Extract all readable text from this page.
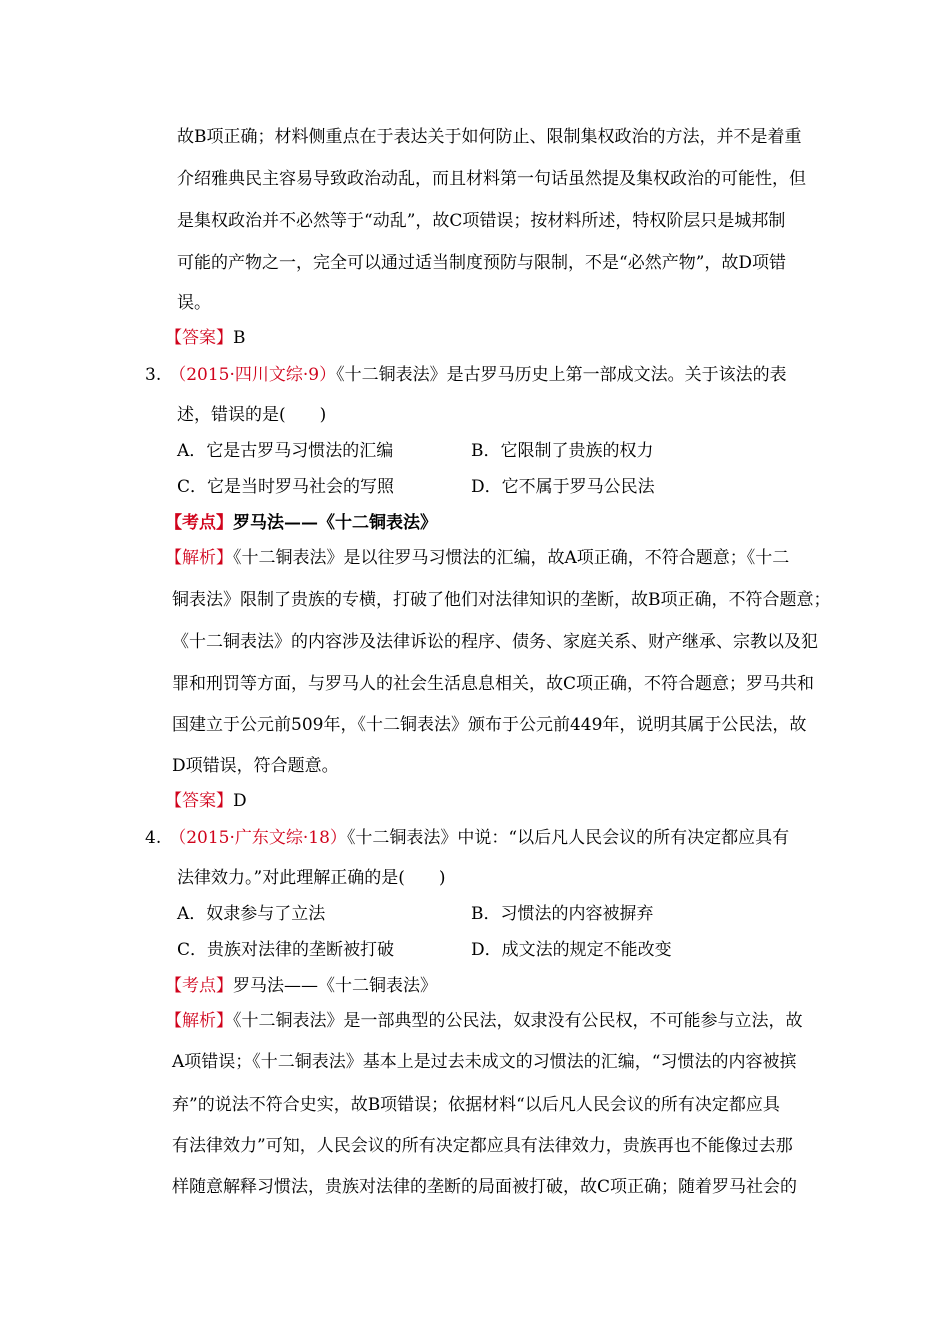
故B项正确；材料侧重点在于表达关于如何防止、限制集权政治的方法，并不是着重
介绍雅典民主容易导致政治动乱，而且材料第一句话虽然提及集权政治的可能性，但
是集权政治并不必然等于“动乱”，故C项错误；按材料所述，特权阶层只是城邦制
可能的产物之一，完全可以通过适当制度预防与限制，不是“必然产物”，故D项错
误。
【答案】B
3. （2015·四川文综·9）《十二铜表法》是古罗马历史上第一部成文法。关于该法的表
述，错误的是(　　)
A．它是古罗马习惯法的汇编	B．它限制了贵族的权力
C．它是当时罗马社会的写照	D．它不属于罗马公民法
【考点】罗马法——《十二铜表法》
【解析】《十二铜表法》是以往罗马习惯法的汇编，故A项正确，不符合题意；《十二
铜表法》限制了贵族的专横，打破了他们对法律知识的垄断，故B项正确，不符合题意；
《十二铜表法》的内容涉及法律诉讼的程序、债务、家庭关系、财产继承、宗教以及犯
罪和刑罚等方面，与罗马人的社会生活息息相关，故C项正确，不符合题意；罗马共和
国建立于公元前509年，《十二铜表法》颁布于公元前449年，说明其属于公民法，故
D项错误，符合题意。
【答案】D
4. （2015·广东文综·18）《十二铜表法》中说：“以后凡人民会议的所有决定都应具有
法律效力。”对此理解正确的是(　　)
A．奴隶参与了立法	B．习惯法的内容被摒弃
C．贵族对法律的垄断被打破	D．成文法的规定不能改变
【考点】罗马法——《十二铜表法》
【解析】《十二铜表法》是一部典型的公民法，奴隶没有公民权，不可能参与立法，故
A项错误；《十二铜表法》基本上是过去未成文的习惯法的汇编，“习惯法的内容被摈
弃”的说法不符合史实，故B项错误；依据材料“以后凡人民会议的所有决定都应具
有法律效力”可知，人民会议的所有决定都应具有法律效力，贵族再也不能像过去那
样随意解释习惯法，贵族对法律的垄断的局面被打破，故C项正确；随着罗马社会的
